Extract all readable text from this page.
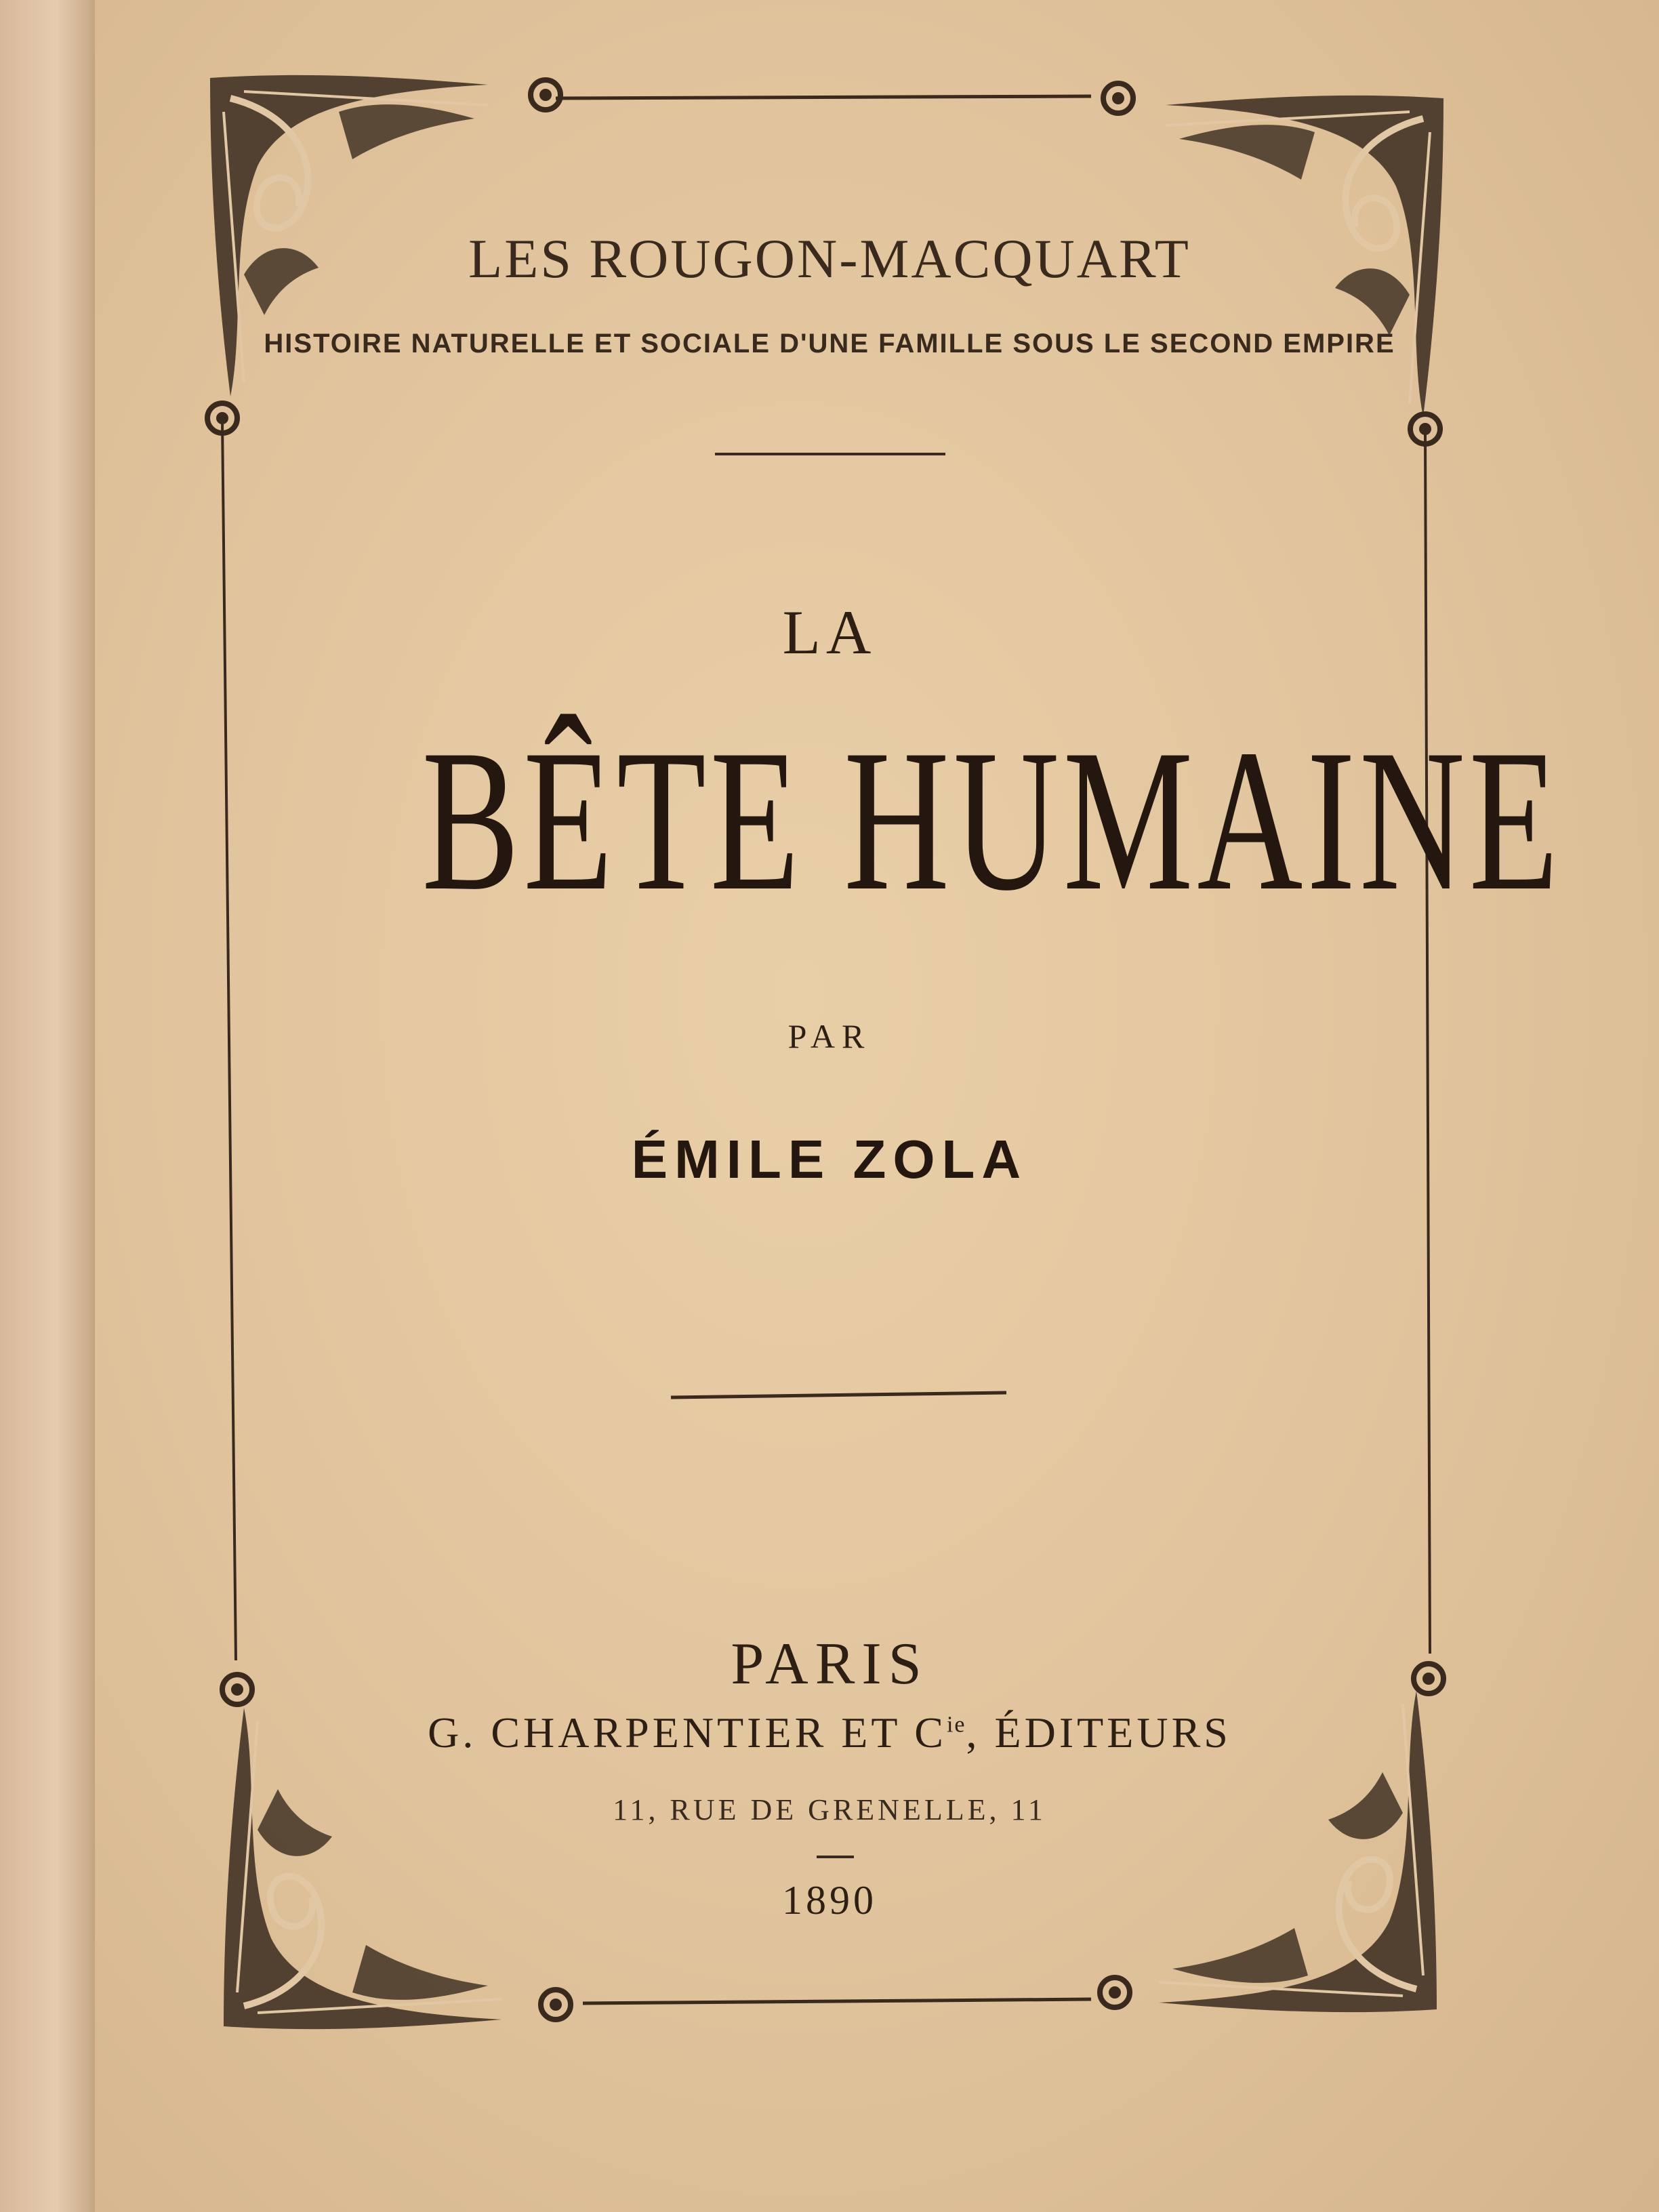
LES ROUGON-MACQUART

HISTOIRE NATURELLE ET SOCIALE D'UNE FAMILLE SOUS LE SECOND EMPIRE

LA

BÊTE HUMAINE

PAR

ÉMILE ZOLA

PARIS

G. CHARPENTIER ET $C^{ie}$, ÉDITEURS

11, RUE DE GRENELLE, 11

1890
